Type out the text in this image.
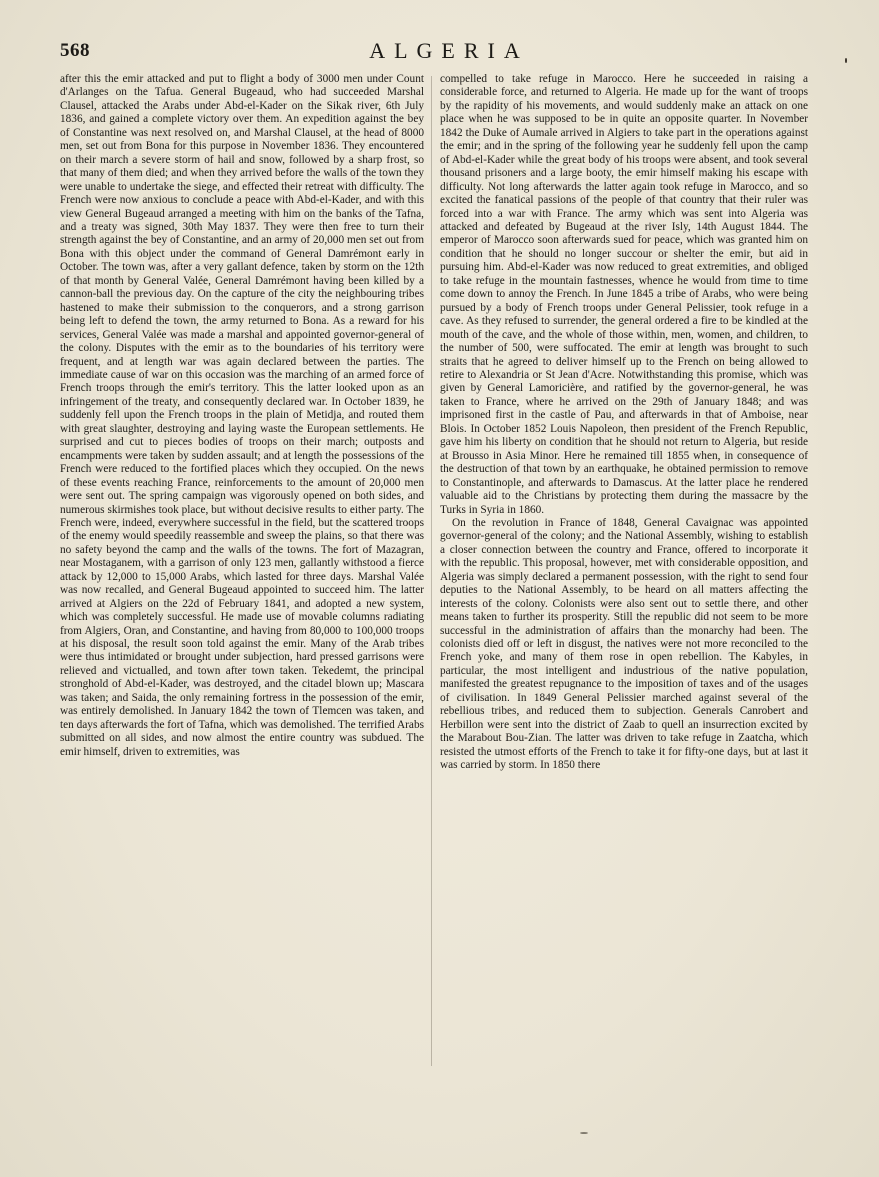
568	ALGERIA

after this the emir attacked and put to flight a body of 3000 men under Count d'Arlanges on the Tafua. General Bugeaud, who had succeeded Marshal Clausel, attacked the Arabs under Abd-el-Kader on the Sikak river, 6th July 1836, and gained a complete victory over them. An expedition against the bey of Constantine was next resolved on, and Marshal Clausel, at the head of 8000 men, set out from Bona for this purpose in November 1836. They encountered on their march a severe storm of hail and snow, followed by a sharp frost, so that many of them died; and when they arrived before the walls of the town they were unable to undertake the siege, and effected their retreat with difficulty. The French were now anxious to conclude a peace with Abd-el-Kader, and with this view General Bugeaud arranged a meeting with him on the banks of the Tafna, and a treaty was signed, 30th May 1837. They were then free to turn their strength against the bey of Constantine, and an army of 20,000 men set out from Bona with this object under the command of General Damrémont early in October. The town was, after a very gallant defence, taken by storm on the 12th of that month by General Valée, General Damrémont having been killed by a cannon-ball the previous day. On the capture of the city the neighbouring tribes hastened to make their submission to the conquerors, and a strong garrison being left to defend the town, the army returned to Bona. As a reward for his services, General Valée was made a marshal and appointed governor-general of the colony. Disputes with the emir as to the boundaries of his territory were frequent, and at length war was again declared between the parties. The immediate cause of war on this occasion was the marching of an armed force of French troops through the emir's territory. This the latter looked upon as an infringement of the treaty, and consequently declared war. In October 1839, he suddenly fell upon the French troops in the plain of Metidja, and routed them with great slaughter, destroying and laying waste the European settlements. He surprised and cut to pieces bodies of troops on their march; outposts and encampments were taken by sudden assault; and at length the possessions of the French were reduced to the fortified places which they occupied. On the news of these events reaching France, reinforcements to the amount of 20,000 men were sent out. The spring campaign was vigorously opened on both sides, and numerous skirmishes took place, but without decisive results to either party. The French were, indeed, everywhere successful in the field, but the scattered troops of the enemy would speedily reassemble and sweep the plains, so that there was no safety beyond the camp and the walls of the towns. The fort of Mazagran, near Mostaganem, with a garrison of only 123 men, gallantly withstood a fierce attack by 12,000 to 15,000 Arabs, which lasted for three days. Marshal Valée was now recalled, and General Bugeaud appointed to succeed him. The latter arrived at Algiers on the 22d of February 1841, and adopted a new system, which was completely successful. He made use of movable columns radiating from Algiers, Oran, and Constantine, and having from 80,000 to 100,000 troops at his disposal, the result soon told against the emir. Many of the Arab tribes were thus intimidated or brought under subjection, hard pressed garrisons were relieved and victualled, and town after town taken. Tekedemt, the principal stronghold of Abd-el-Kader, was destroyed, and the citadel blown up; Mascara was taken; and Saida, the only remaining fortress in the possession of the emir, was entirely demolished. In January 1842 the town of Tlemcen was taken, and ten days afterwards the fort of Tafna, which was demolished. The terrified Arabs submitted on all sides, and now almost the entire country was subdued. The emir himself, driven to extremities, was

compelled to take refuge in Marocco. Here he succeeded in raising a considerable force, and returned to Algeria. He made up for the want of troops by the rapidity of his movements, and would suddenly make an attack on one place when he was supposed to be in quite an opposite quarter. In November 1842 the Duke of Aumale arrived in Algiers to take part in the operations against the emir; and in the spring of the following year he suddenly fell upon the camp of Abd-el-Kader while the great body of his troops were absent, and took several thousand prisoners and a large booty, the emir himself making his escape with difficulty. Not long afterwards the latter again took refuge in Marocco, and so excited the fanatical passions of the people of that country that their ruler was forced into a war with France. The army which was sent into Algeria was attacked and defeated by Bugeaud at the river Isly, 14th August 1844. The emperor of Marocco soon afterwards sued for peace, which was granted him on condition that he should no longer succour or shelter the emir, but aid in pursuing him. Abd-el-Kader was now reduced to great extremities, and obliged to take refuge in the mountain fastnesses, whence he would from time to time come down to annoy the French. In June 1845 a tribe of Arabs, who were being pursued by a body of French troops under General Pelissier, took refuge in a cave. As they refused to surrender, the general ordered a fire to be kindled at the mouth of the cave, and the whole of those within, men, women, and children, to the number of 500, were suffocated. The emir at length was brought to such straits that he agreed to deliver himself up to the French on being allowed to retire to Alexandria or St Jean d'Acre. Notwithstanding this promise, which was given by General Lamoricière, and ratified by the governor-general, he was taken to France, where he arrived on the 29th of January 1848; and was imprisoned first in the castle of Pau, and afterwards in that of Amboise, near Blois. In October 1852 Louis Napoleon, then president of the French Republic, gave him his liberty on condition that he should not return to Algeria, but reside at Brousso in Asia Minor. Here he remained till 1855 when, in consequence of the destruction of that town by an earthquake, he obtained permission to remove to Constantinople, and afterwards to Damascus. At the latter place he rendered valuable aid to the Christians by protecting them during the massacre by the Turks in Syria in 1860.

On the revolution in France of 1848, General Cavaignac was appointed governor-general of the colony; and the National Assembly, wishing to establish a closer connection between the country and France, offered to incorporate it with the republic. This proposal, however, met with considerable opposition, and Algeria was simply declared a permanent possession, with the right to send four deputies to the National Assembly, to be heard on all matters affecting the interests of the colony. Colonists were also sent out to settle there, and other means taken to further its prosperity. Still the republic did not seem to be more successful in the administration of affairs than the monarchy had been. The colonists died off or left in disgust, the natives were not more reconciled to the French yoke, and many of them rose in open rebellion. The Kabyles, in particular, the most intelligent and industrious of the native population, manifested the greatest repugnance to the imposition of taxes and of the usages of civilisation. In 1849 General Pelissier marched against several of the rebellious tribes, and reduced them to subjection. Generals Canrobert and Herbillon were sent into the district of Zaab to quell an insurrection excited by the Marabout Bou-Zian. The latter was driven to take refuge in Zaatcha, which resisted the utmost efforts of the French to take it for fifty-one days, but at last it was carried by storm. In 1850 there
